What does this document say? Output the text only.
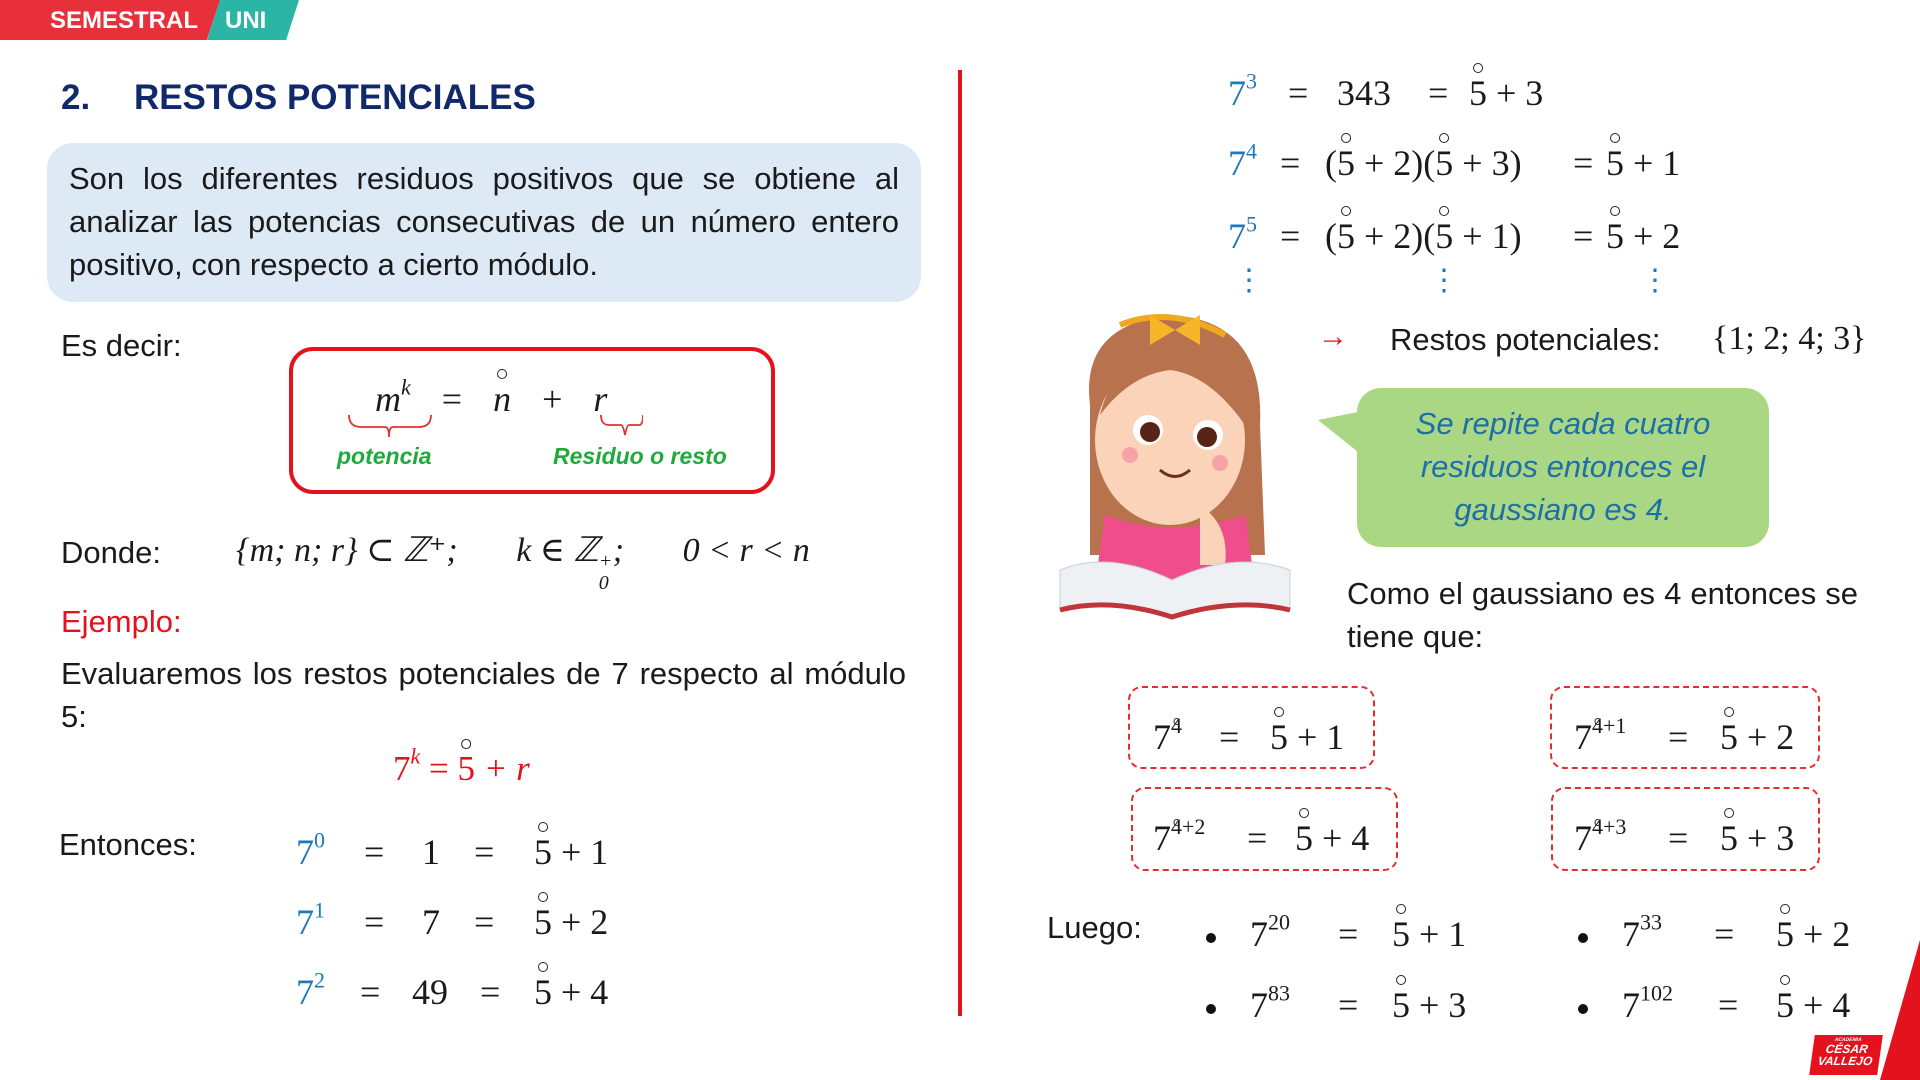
SEMESTRAL UNI
2. RESTOS POTENCIALES
Son los diferentes residuos positivos que se obtiene al analizar las potencias consecutivas de un número entero positivo, con respecto a cierto módulo.
Es decir:
$m^k = n + r$
potencia	Residuo o resto
Donde: {m; n; r} ⊂ ℤ⁺; k ∈ ℤ +
0
; 0 < r < n
Ejemplo:
Evaluaremos los restos potenciales de 7 respecto al módulo 5:
$7^k = 5 + r$
Entonces:	$7^0 = 1 = 5 + 1$
$7^1 = 7 = 5 + 2$
$7^2 = 49 = 5 + 4$
$7^3 = 343 = 5 + 3$
$7^4 = (5 + 2)(5 + 3) = 5 + 1$
$7^5 = (5 + 2)(5 + 1) = 5 + 2$
⋮	⋮	⋮
→ Restos potenciales: {1; 2; 4; 3}
Se repite cada cuatro residuos entonces el gaussiano es 4.
Como el gaussiano es 4 entonces se tiene que:
$7^4 = 5 + 1$	$7^{4+1} = 5 + 2$
$7^{4+2} = 5 + 4$	$7^{4+3} = 5 + 3$
Luego:	$7^{20} = 5 + 1$	$7^{33} = 5 + 2$
$7^{83} = 5 + 3$	$7^{102} = 5 + 4$
ACADEMIA
CÉSAR
VALLEJO
